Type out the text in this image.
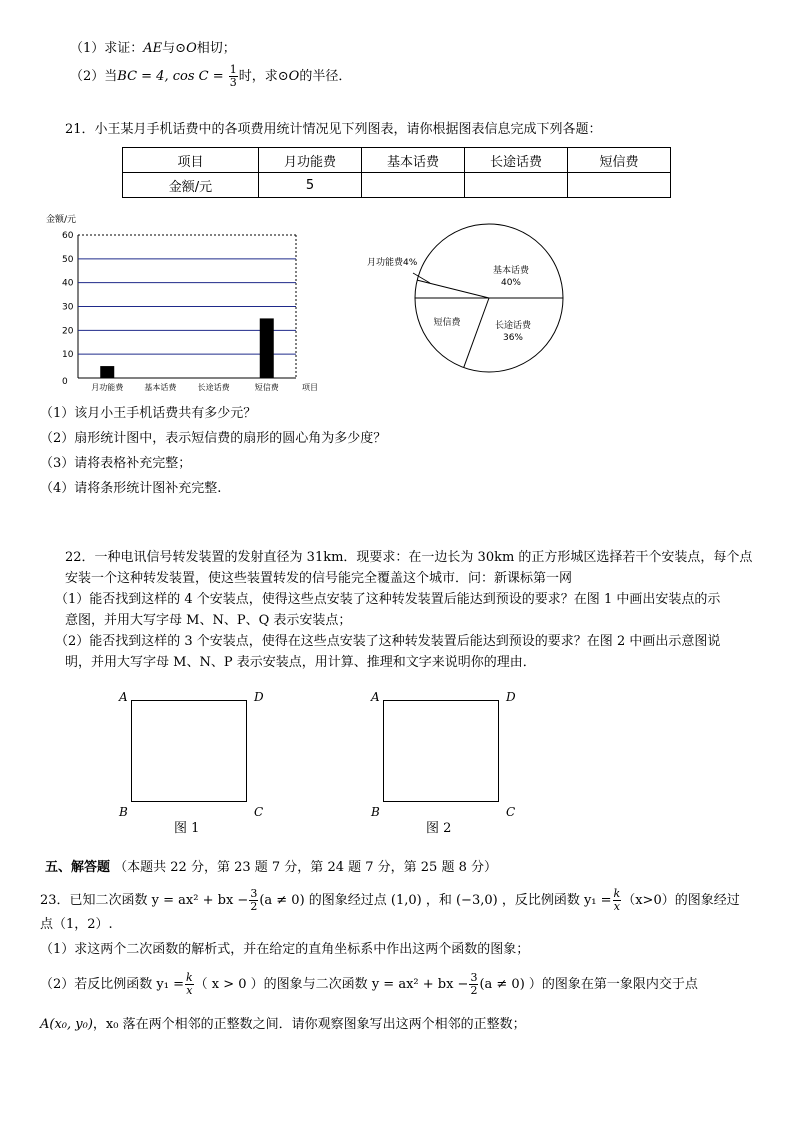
（1）求证：AE与⊙O相切；
（2）当BC = 4, $\cos C = \frac{1}{3}$ 时，求⊙O的半径．
21．小王某月手机话费中的各项费用统计情况见下列图表，请你根据图表信息完成下列各题：
项目	月功能费	基本话费	长途话费	短信费
金额/元	5			
0
10
20
30
40
50
60
金额/元
月功能费	基本话费	长途话费	短信费	项目
月功能费4%
基本话费
40%
长途话费
36%
短信费
（1）该月小王手机话费共有多少元？
（2）扇形统计图中，表示短信费的扇形的圆心角为多少度？
（3）请将表格补充完整；
（4）请将条形统计图补充完整.
22．一种电讯信号转发装置的发射直径为 31km．现要求：在一边长为 30km 的正方形城区选择若干个安装点，每个点
安装一个这种转发装置，使这些装置转发的信号能完全覆盖这个城市．问：新课标第一网
（1）能否找到这样的 4 个安装点，使得这些点安装了这种转发装置后能达到预设的要求？在图 1 中画出安装点的示
意图，并用大写字母 M、N、P、Q 表示安装点；
（2）能否找到这样的 3 个安装点，使得在这些点安装了这种转发装置后能达到预设的要求？在图 2 中画出示意图说
明，并用大写字母 M、N、P 表示安装点，用计算、推理和文字来说明你的理由．
A	D
B	C
图 1
A	D
B	C
图 2
五、解答题 （本题共 22 分，第 23 题 7 分，第 24 题 7 分，第 25 题 8 分）
23．已知二次函数 y = ax² + bx − $\frac{3}{2} (a \ne 0)$ 的图象经过点 (1,0) ，和 (−3,0) ，反比例函数 $y_1 = \frac{k}{x} (x>0)$的图象经过
点（1，2）.
（1）求这两个二次函数的解析式，并在给定的直角坐标系中作出这两个函数的图象；
（2）若反比例函数 $y_1 = \frac{k}{x}$ （ x > 0 ）的图象与二次函数 y = ax² + bx − $\frac{3}{2} (a \ne 0)$ ）的图象在第一象限内交于点
A(x₀, y₀)，x₀ 落在两个相邻的正整数之间．请你观察图象写出这两个相邻的正整数；
